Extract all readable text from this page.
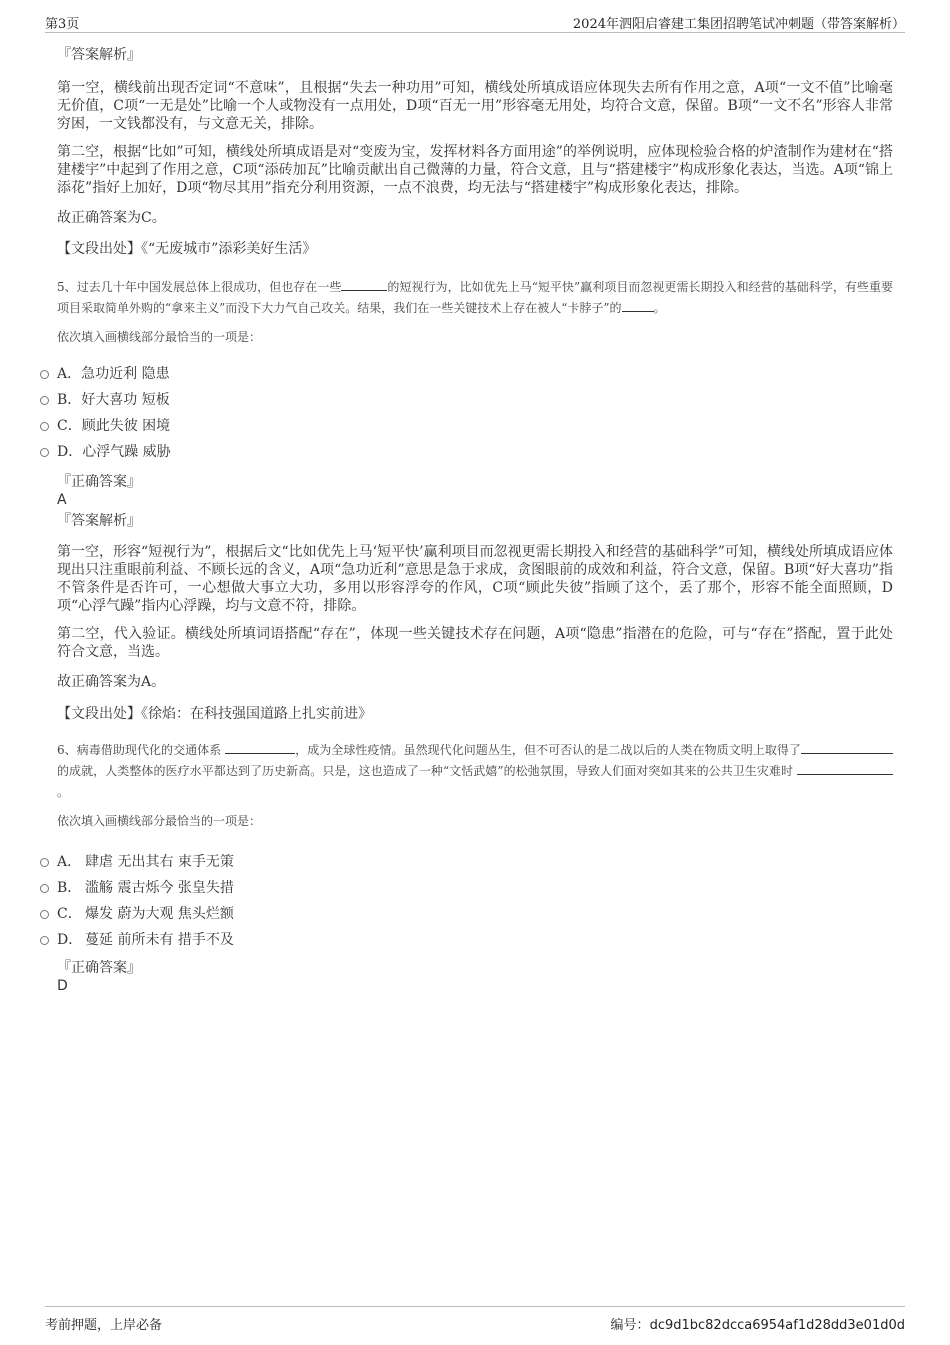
第3页	2024年泗阳启睿建工集团招聘笔试冲刺题（带答案解析）

『答案解析』

第一空，横线前出现否定词“不意味”，且根据“失去一种功用”可知，横线处所填成语应体现失去所有作用之意，A项“一文不值”比喻毫无价值，C项“一无是处”比喻一个人或物没有一点用处，D项“百无一用”形容毫无用处，均符合文意，保留。B项“一文不名”形容人非常穷困，一文钱都没有，与文意无关，排除。

第二空，根据“比如”可知，横线处所填成语是对“变废为宝，发挥材料各方面用途”的举例说明，应体现检验合格的炉渣制作为建材在“搭建楼宇”中起到了作用之意，C项“添砖加瓦”比喻贡献出自己微薄的力量，符合文意，且与“搭建楼宇”构成形象化表达，当选。A项“锦上添花”指好上加好，D项“物尽其用”指充分利用资源，一点不浪费，均无法与“搭建楼宇”构成形象化表达，排除。

故正确答案为C。

【文段出处】《“无废城市”添彩美好生活》

5、过去几十年中国发展总体上很成功，但也存在一些	的短视行为，比如优先上马“短平快”赢利项目而忽视更需长期投入和经营的基础科学，有些重要项目采取简单外购的“拿来主义”而没下大力气自己攻关。结果，我们在一些关键技术上存在被人“卡脖子”的	。

依次填入画横线部分最恰当的一项是：

A．急功近利 隐患
B．好大喜功 短板
C．顾此失彼 困境
D．心浮气躁 威胁

『正确答案』

A

『答案解析』

第一空，形容“短视行为”，根据后文“比如优先上马‘短平快’赢利项目而忽视更需长期投入和经营的基础科学”可知，横线处所填成语应体现出只注重眼前利益、不顾长远的含义，A项“急功近利”意思是急于求成，贪图眼前的成效和利益，符合文意，保留。B项“好大喜功”指不管条件是否许可，一心想做大事立大功，多用以形容浮夸的作风，C项“顾此失彼”指顾了这个，丢了那个，形容不能全面照顾，D项“心浮气躁”指内心浮躁，均与文意不符，排除。

第二空，代入验证。横线处所填词语搭配“存在”，体现一些关键技术存在问题，A项“隐患”指潜在的危险，可与“存在”搭配，置于此处符合文意，当选。

故正确答案为A。

【文段出处】《徐焰：在科技强国道路上扎实前进》

6、病毒借助现代化的交通体系	，成为全球性疫情。虽然现代化问题丛生，但不可否认的是二战以后的人类在物质文明上取得了的成就，人类整体的医疗水平都达到了历史新高。只是，这也造成了一种“文恬武嬉”的松弛氛围，导致人们面对突如其来的公共卫生灾难时 。

依次填入画横线部分最恰当的一项是：

A． 肆虐 无出其右 束手无策
B． 滥觞 震古烁今 张皇失措
C． 爆发 蔚为大观 焦头烂额
D． 蔓延 前所未有 措手不及

『正确答案』

D

考前押题，上岸必备	编号：dc9d1bc82dcca6954af1d28dd3e01d0d
